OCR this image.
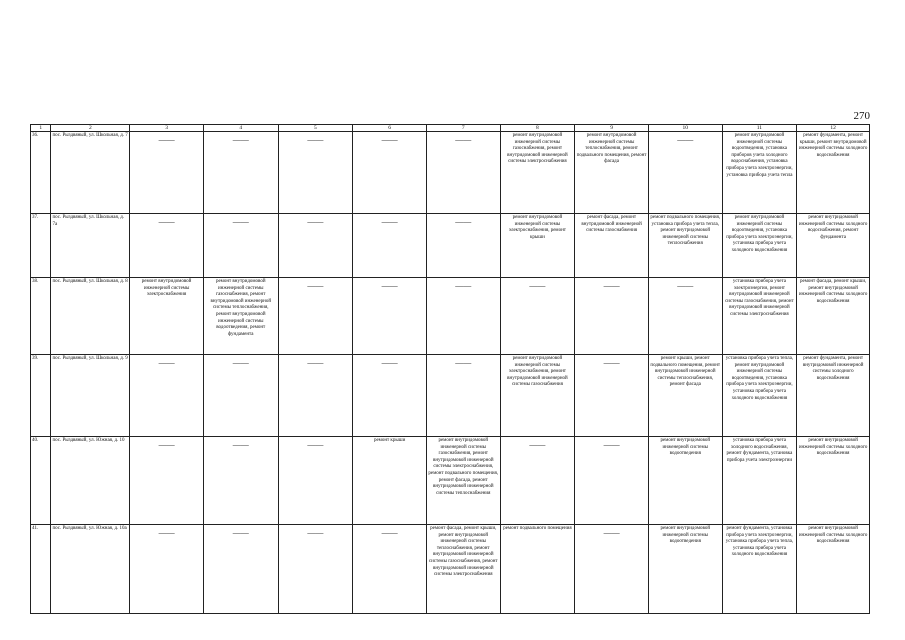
270
1	2	3	4	5	6	7	8	9	10	11	12
36.	пос. Рыздвяный, ул. Школьная, д. 7	——	——	——	——	——	ремонт внутридомовой инженерной системы газоснабжения, ремонт внутридомовой инженерной системы электроснабжения	ремонт внутридомовой инженерной системы теплоснабжения, ремонт подвального помещения, ремонт фасада	——	ремонт внутридомовой инженерной системы водоотведения, установка приборов учета холодного водоснабжения, установка прибора учета электроэнергии, установка прибора учета тепла	ремонт фундамента, ремонт крыши, ремонт внутридомовой инженерной системы холодного водоснабжения
37.	пос. Рыздвяный, ул. Школьная, д. 7а	——	——	——	——	——	ремонт внутридомовой инженерной системы электроснабжения, ремонт крыши	ремонт фасада, ремонт внутридомовой инженерной системы газоснабжения	ремонт подвального помещения, установка прибора учета тепла, ремонт внутридомовой инженерной системы теплоснабжения	ремонт внутридомовой инженерной системы водоотведения, установка прибора учета электроэнергии, установка прибора учета холодного водоснабжения	ремонт внутридомовой инженерной системы холодного водоснабжения, ремонт фундамента
38.	пос. Рыздвяный, ул. Школьная, д. 8	ремонт внутридомовой инженерной системы электроснабжения	ремонт внутридомовой инженерной системы газоснабжения, ремонт внутридомовой инженерной системы теплоснабжения, ремонт внутридомовой инженерной системы водоотведения, ремонт фундамента	——	——	——	——	——	——	установка прибора учета электроэнергии, ремонт внутридомовой инженерной системы газоснабжения, ремонт внутридомовой инженерной системы электроснабжения	ремонт фасада, ремонт крыши, ремонт внутридомовой инженерной системы холодного водоснабжения
39.	пос. Рыздвяный, ул. Школьная, д. 9	——	——	——	——	——	ремонт внутридомовой инженерной системы электроснабжения, ремонт внутридомовой инженерной системы газоснабжения	——	ремонт крыши, ремонт подвального помещения, ремонт внутридомовой инженерной системы теплоснабжения, ремонт фасада	установка прибора учета тепла, ремонт внутридомовой инженерной системы водоотведения, установка прибора учета электроэнергии, установка прибора учета холодного водоснабжения	ремонт фундамента, ремонт внутридомовой инженерной системы холодного водоснабжения
40.	пос. Рыздвяный, ул. Южная, д. 10	——	——	——	ремонт крыши	ремонт внутридомовой инженерной системы газоснабжения, ремонт внутридомовой инженерной системы электроснабжения, ремонт подвального помещения, ремонт фасада, ремонт внутридомовой инженерной системы теплоснабжения	——	——	ремонт внутридомовой инженерной системы водоотведения	установка прибора учета холодного водоснабжения, ремонт фундамента, установка прибора учета электроэнергии	ремонт внутридомовой инженерной системы холодного водоснабжения
41.	пос. Рыздвяный, ул. Южная, д. 10а	——	——	——	——	ремонт фасада, ремонт крыши, ремонт внутридомовой инженерной системы теплоснабжения, ремонт внутридомовой инженерной системы газоснабжения, ремонт внутридомовой инженерной системы электроснабжения	ремонт подвального помещения	——	ремонт внутридомовой инженерной системы водоотведения	ремонт фундамента, установка прибора учета электроэнергии, установка прибора учета тепла, установка прибора учета холодного водоснабжения	ремонт внутридомовой инженерной системы холодного водоснабжения
